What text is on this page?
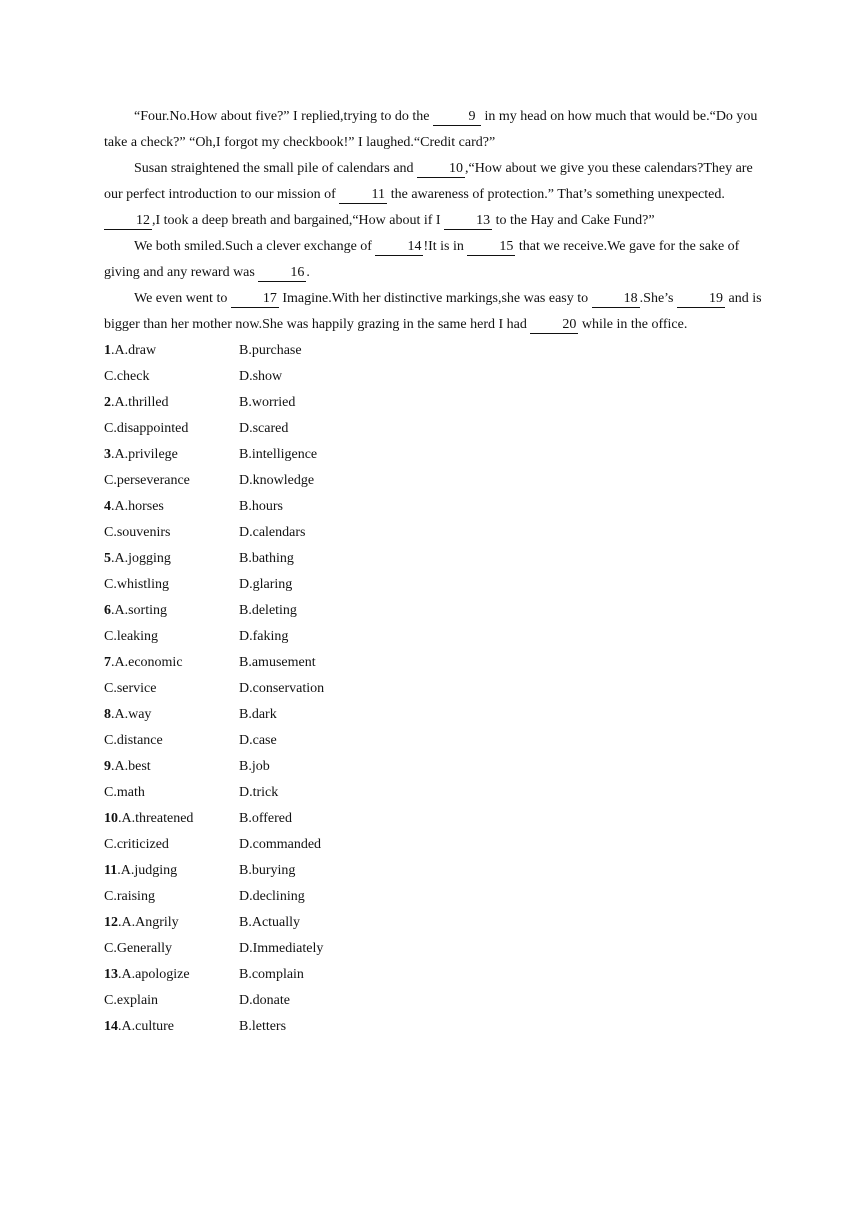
“Four.No.How about five?” I replied,trying to do the	9 in my head on how much that would be.“Do you take a check?” “Oh,I forgot my checkbook!” I laughed.“Credit card?”

Susan straightened the small pile of calendars and 10 ,“How about we give you these calendars?They are our perfect introduction to our mission of 11 the awareness of protection.” That’s something unexpected.12 ,I took a deep breath and bargained,“How about if I 13 to the Hay and Cake Fund?”

We both smiled.Such a clever exchange of 14 !It is in 15 that we receive.We gave for the sake of giving and any reward was 16 .

We even went to 17 Imagine.With her distinctive markings,she was easy to 18 .She’s 19 and is bigger than her mother now.She was happily grazing in the same herd I had 20 while in the office.

1.A.draw	B.purchase
C.check	D.show
2.A.thrilled	B.worried
C.disappointed	D.scared
3.A.privilege	B.intelligence
C.perseverance	D.knowledge
4.A.horses	B.hours
C.souvenirs	D.calendars
5.A.jogging	B.bathing
C.whistling	D.glaring
6.A.sorting	B.deleting
C.leaking	D.faking
7.A.economic	B.amusement
C.service	D.conservation
8.A.way	B.dark
C.distance	D.case
9.A.best	B.job
C.math	D.trick
10.A.threatened	B.offered
C.criticized	D.commanded
11.A.judging	B.burying
C.raising	D.declining
12.A.Angrily	B.Actually
C.Generally	D.Immediately
13.A.apologize	B.complain
C.explain	D.donate
14.A.culture	B.letters
